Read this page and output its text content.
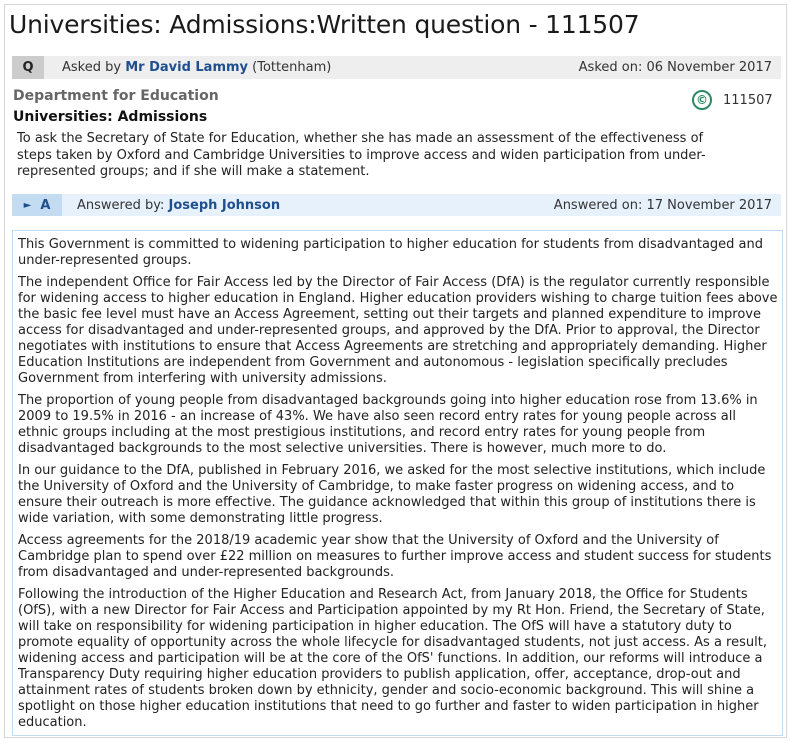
Universities: Admissions:Written question - 111507
Q	Asked by Mr David Lammy (Tottenham)	Asked on: 06 November 2017
Department for Education
Universities: Admissions
©	111507
To ask the Secretary of State for Education, whether she has made an assessment of the effectiveness of steps taken by Oxford and Cambridge Universities to improve access and widen participation from under-represented groups; and if she will make a statement.
► A Answered by: Joseph Johnson	Answered on: 17 November 2017

This Government is committed to widening participation to higher education for students from disadvantaged and under-represented groups.

The independent Office for Fair Access led by the Director of Fair Access (DfA) is the regulator currently responsible for widening access to higher education in England. Higher education providers wishing to charge tuition fees above the basic fee level must have an Access Agreement, setting out their targets and planned expenditure to improve access for disadvantaged and under-represented groups, and approved by the DfA. Prior to approval, the Director negotiates with institutions to ensure that Access Agreements are stretching and appropriately demanding. Higher Education Institutions are independent from Government and autonomous - legislation specifically precludes Government from interfering with university admissions.

The proportion of young people from disadvantaged backgrounds going into higher education rose from 13.6% in 2009 to 19.5% in 2016 - an increase of 43%. We have also seen record entry rates for young people across all ethnic groups including at the most prestigious institutions, and record entry rates for young people from disadvantaged backgrounds to the most selective universities. There is however, much more to do.

In our guidance to the DfA, published in February 2016, we asked for the most selective institutions, which include the University of Oxford and the University of Cambridge, to make faster progress on widening access, and to ensure their outreach is more effective. The guidance acknowledged that within this group of institutions there is wide variation, with some demonstrating little progress.

Access agreements for the 2018/19 academic year show that the University of Oxford and the University of Cambridge plan to spend over £22 million on measures to further improve access and student success for students from disadvantaged and under-represented backgrounds.

Following the introduction of the Higher Education and Research Act, from January 2018, the Office for Students (OfS), with a new Director for Fair Access and Participation appointed by my Rt Hon. Friend, the Secretary of State, will take on responsibility for widening participation in higher education. The OfS will have a statutory duty to promote equality of opportunity across the whole lifecycle for disadvantaged students, not just access. As a result, widening access and participation will be at the core of the OfS' functions. In addition, our reforms will introduce a Transparency Duty requiring higher education providers to publish application, offer, acceptance, drop-out and attainment rates of students broken down by ethnicity, gender and socio-economic background. This will shine a spotlight on those higher education institutions that need to go further and faster to widen participation in higher education.
